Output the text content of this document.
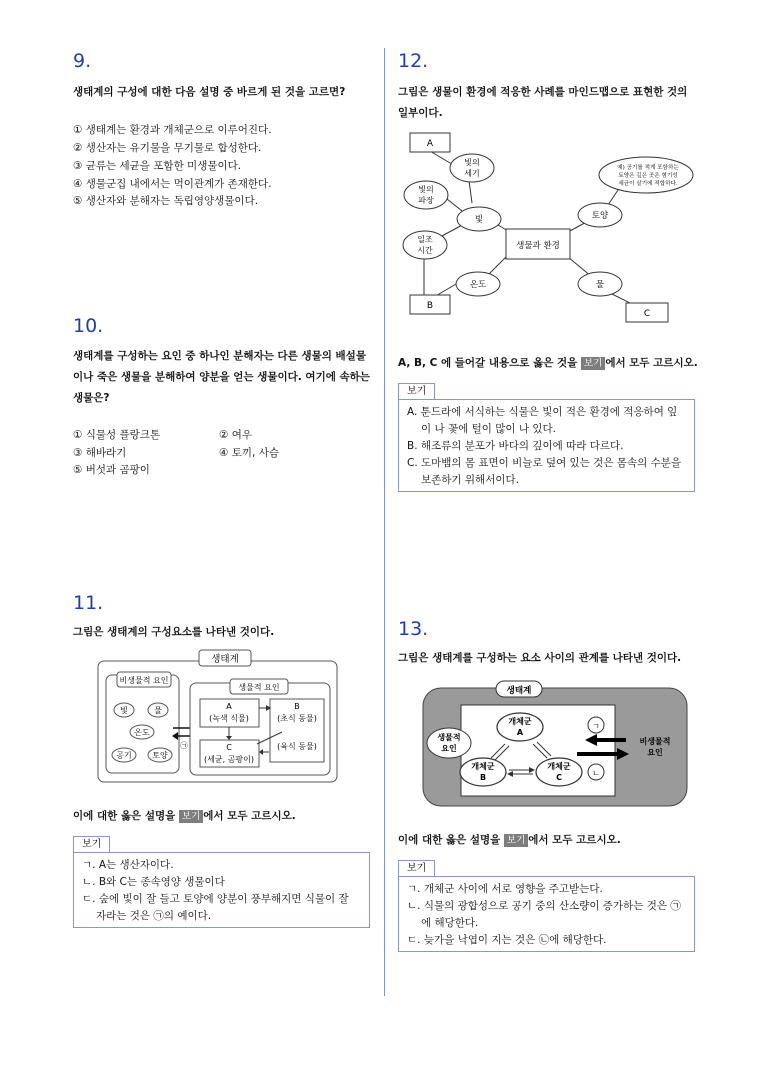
9.
생태계의 구성에 대한 다음 설명 중 바르게 된 것을 고르면?
① 생태계는 환경과 개체군으로 이루어진다.
② 생산자는 유기물을 무기물로 합성한다.
③ 균류는 세균을 포함한 미생물이다.
④ 생물군집 내에서는 먹이관계가 존재한다.
⑤ 생산자와 분해자는 독립영양생물이다.
10.
생태계를 구성하는 요인 중 하나인 분해자는 다른 생물의 배설물
이나 죽은 생물을 분해하여 양분을 얻는 생물이다. 여기에 속하는
생물은?
① 식물성 플랑크톤	② 여우
③ 해바라기	④ 토끼, 사슴
⑤ 버섯과 곰팡이
11.
그림은 생태계의 구성요소를 나타낸 것이다.
생태계
비생물적 요인
빛	물
온도
공기	토양
㉠
생물적 요인
A
(녹색 식물)
B
(초식 동물)
(육식 동물)
C
(세균, 곰팡이)
이에 대한 옳은 설명을 보기 에서 모두 고르시오.
보기
ㄱ. A는 생산자이다.
ㄴ. B와 C는 종속영양 생물이다
ㄷ. 숲에 빛이 잘 들고 토양에 양분이 풍부해지면 식물이 잘 자라는 것은 ㉠의 예이다.
12.
그림은 생물이 환경에 적응한 사례를 마인드맵으로 표현한 것의
일부이다.
A
빛의
세기
빛의
파장
빛
일조
시간	생물과 환경
토양
예) 공기를 적게 포함하는
토양은 깊은 곳은 혐기성
세균이 살기에 적합하다.
온도	물
B
C
A, B, C 에 들어갈 내용으로 옳은 것을 보기 에서 모두 고르시오.
보기
A. 툰드라에 서식하는 식물은 빛이 적은 환경에 적응하여 잎이 나 꽃에 털이 많이 나 있다.
B. 해조류의 분포가 바다의 깊이에 따라 다르다.
C. 도마뱀의 몸 표면이 비늘로 덮여 있는 것은 몸속의 수분을 보존하기 위해서이다.
13.
그림은 생태계를 구성하는 요소 사이의 관계를 나타낸 것이다.
생태계
생물적
요인
개체군
A
개체군
B
개체군
C
ㄱ
ㄴ
비생물적
요인
이에 대한 옳은 설명을 보기 에서 모두 고르시오.
보기
ㄱ. 개체군 사이에 서로 영향을 주고받는다.
ㄴ. 식물의 광합성으로 공기 중의 산소량이 증가하는 것은 ㉠ 에 해당한다.
ㄷ. 늦가을 낙엽이 지는 것은 ㉡에 해당한다.
